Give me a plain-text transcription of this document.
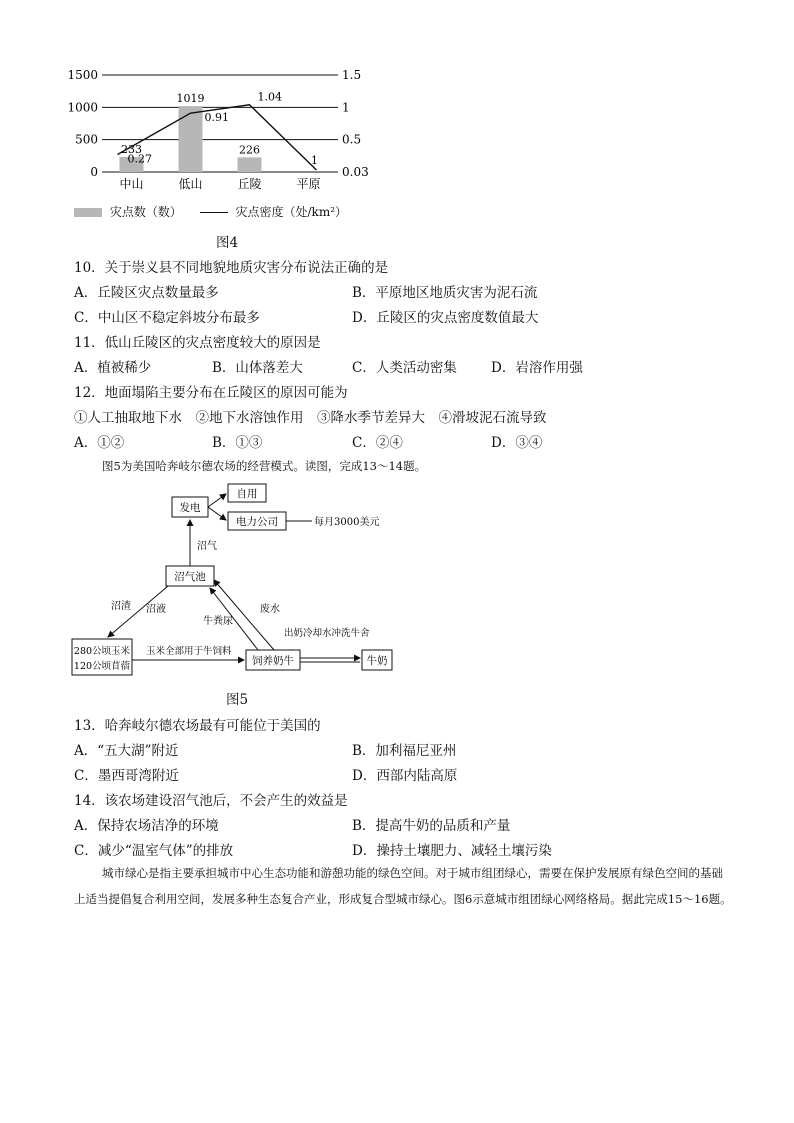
1500	1.5
1000	1
500	0.5
0	0.03
233
1019
226
1
0.27
0.91
1.04
中山	低山	丘陵	平原
灾点数（数）	灾点密度（处/km²）
图4
10．关于崇义县不同地貌地质灾害分布说法正确的是
A．丘陵区灾点数量最多	B．平原地区地质灾害为泥石流
C．中山区不稳定斜坡分布最多	D．丘陵区的灾点密度数值最大
11．低山丘陵区的灾点密度较大的原因是
A．植被稀少	B．山体落差大	C．人类活动密集	D．岩溶作用强
12．地面塌陷主要分布在丘陵区的原因可能为
①人工抽取地下水　②地下水溶蚀作用　③降水季节差异大　④滑坡泥石流导致
A．①②	B．①③	C．②④	D．③④
图5为美国哈奔岐尔德农场的经营模式。读图，完成13～14题。
发电
自用
电力公司	每月3000美元
沼气池
280公顷玉米
120公顷苜蓿	饲养奶牛	牛奶
沼气
沼渣 沼液
牛粪尿
废水
出奶冷却水冲洗牛舍
玉米全部用于牛饲料
图5
13．哈奔岐尔德农场最有可能位于美国的
A．“五大湖”附近	B．加利福尼亚州
C．墨西哥湾附近	D．西部内陆高原
14．该农场建设沼气池后，不会产生的效益是
A．保持农场洁净的环境	B．提高牛奶的品质和产量
C．减少“温室气体”的排放	D．操持土壤肥力、减轻土壤污染
城市绿心是指主要承担城市中心生态功能和游憩功能的绿色空间。对于城市组团绿心，需要在保护发展原有绿色空间的基础上适当提倡复合利用空间，发展多种生态复合产业，形成复合型城市绿心。图6示意城市组团绿心网络格局。据此完成15～16题。
